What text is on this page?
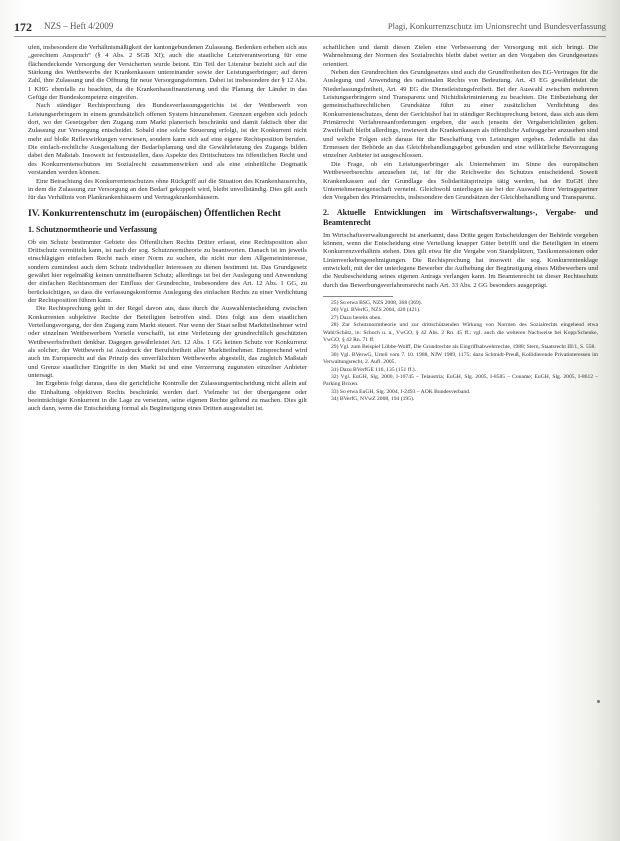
172 NZS – Heft 4/2009	Plagi, Konkurrenzschutz im Unionsrecht und Bundesverfassung

ufen, insbesondere die Verhältnismäßigkeit der kantongebundenen Zulassung. Bedenken erheben sich aus „gerechtem Anspruch“ (§ 4 Abs. 2 SGB XI); auch die staatliche Letztverantwortung für eine flächendeckende Versorgung der Versicherten wurde betont. Ein Teil der Literatur bezieht sich auf die Stärkung des Wettbewerbs der Krankenkassen untereinander sowie der Leistungserbringer; auf deren Zahl, ihre Zulassung und die Öffnung für neue Versorgungsformen. Dabei ist insbesondere der § 12 Abs. 1 KHG ebenfalls zu beachten, da die Krankenhausfinanzierung und die Planung der Länder in das Gefüge der Bundeskompetenz eingreifen.

Nach ständiger Rechtsprechung des Bundesverfassungsgerichts ist der Wettbewerb von Leistungserbringern in einem grundsätzlich offenen System hinzunehmen. Grenzen ergeben sich jedoch dort, wo der Gesetzgeber den Zugang zum Markt planerisch beschränkt und damit faktisch über die Zulassung zur Versorgung entscheidet. Sobald eine solche Steuerung erfolgt, ist der Konkurrent nicht mehr auf bloße Reflexwirkungen verwiesen, sondern kann sich auf eine eigene Rechtsposition berufen. Die einfach-rechtliche Ausgestaltung der Bedarfsplanung und die Gewährleistung des Zugangs bilden dabei den Maßstab. Insoweit ist festzustellen, dass Aspekte des Drittschutzes im öffentlichen Recht und des Konkurrentenschutzes im Sozialrecht zusammenwirken und als eine einheitliche Dogmatik verstanden werden können.

Eine Betrachtung des Konkurrentenschutzes ohne Rückgriff auf die Situation des Krankenhausrechts, in dem die Zulassung zur Versorgung an den Bedarf gekoppelt wird, bleibt unvollständig. Dies gilt auch für das Verhältnis von Plankrankenhäusern und Vertragskrankenhäusern.

IV. Konkurrentenschutz im (europäischen) Öffentlichen Recht
1. Schutznormtheorie und Verfassung

Ob ein Schutz bestimmter Gebiete des Öffentlichen Rechts Dritter erfasst, eine Rechtsposition also Drittschutz vermitteln kann, ist nach der sog. Schutznormtheorie zu beantworten. Danach ist im jeweils einschlägigen einfachen Recht nach einer Norm zu suchen, die nicht nur dem Allgemeininteresse, sondern zumindest auch dem Schutz individueller Interessen zu dienen bestimmt ist. Das Grundgesetz gewährt hier regelmäßig keinen unmittelbaren Schutz; allerdings ist bei der Auslegung und Anwendung der einfachen Rechtsnormen der Einfluss der Grundrechte, insbesondere des Art. 12 Abs. 1 GG, zu berücksichtigen, so dass die verfassungskonforme Auslegung des einfachen Rechts zu einer Verdichtung der Rechtsposition führen kann.

Die Rechtsprechung geht in der Regel davon aus, dass durch die Auswahlentscheidung zwischen Konkurrenten subjektive Rechte der Beteiligten betroffen sind. Dies folgt aus dem staatlichen Verteilungsvorgang, der den Zugang zum Markt steuert. Nur wenn der Staat selbst Marktteilnehmer wird oder einzelnen Wettbewerbern Vorteile verschafft, ist eine Verletzung der grundrechtlich geschützten Wettbewerbsfreiheit denkbar. Dagegen gewährleistet Art. 12 Abs. 1 GG keinen Schutz vor Konkurrenz als solcher; der Wettbewerb ist Ausdruck der Berufsfreiheit aller Marktteilnehmer. Entsprechend wird auch im Europarecht auf das Prinzip des unverfälschten Wettbewerbs abgestellt, das zugleich Maßstab und Grenze staatlicher Eingriffe in den Markt ist und eine Verzerrung zugunsten einzelner Anbieter untersagt.

Im Ergebnis folgt daraus, dass die gerichtliche Kontrolle der Zulassungsentscheidung nicht allein auf die Einhaltung objektiven Rechts beschränkt werden darf. Vielmehr ist der übergangene oder beeinträchtigte Konkurrent in die Lage zu versetzen, seine eigenen Rechte geltend zu machen. Dies gilt auch dann, wenn die Entscheidung formal als Begünstigung eines Dritten ausgestaltet ist.

schaftlichen und damit diesen Zielen eine Verbesserung der Versorgung mit sich bringt. Die Wahrnehmung der Normen des Sozialrechts bleibt dabei weiter an den Vorgaben des Grundgesetzes orientiert.

Neben den Grundrechten des Grundgesetzes sind auch die Grundfreiheiten des EG-Vertrages für die Auslegung und Anwendung des nationalen Rechts von Bedeutung. Art. 43 EG gewährleistet die Niederlassungsfreiheit, Art. 49 EG die Dienstleistungsfreiheit. Bei der Auswahl zwischen mehreren Leistungserbringern sind Transparenz und Nichtdiskriminierung zu beachten. Die Einbeziehung der gemeinschaftsrechtlichen Grundsätze führt zu einer zusätzlichen Verdichtung des Konkurrentenschutzes, denn der Gerichtshof hat in ständiger Rechtsprechung betont, dass sich aus dem Primärrecht Verfahrensanforderungen ergeben, die auch jenseits der Vergaberichtlinien gelten. Zweifelhaft bleibt allerdings, inwieweit die Krankenkassen als öffentliche Auftraggeber anzusehen sind und welche Folgen sich daraus für die Beschaffung von Leistungen ergeben. Jedenfalls ist das Ermessen der Behörde an das Gleichbehandlungsgebot gebunden und eine willkürliche Bevorzugung einzelner Anbieter ist ausgeschlossen.

Die Frage, ob ein Leistungserbringer als Unternehmen im Sinne des europäischen Wettbewerbsrechts anzusehen ist, ist für die Reichweite des Schutzes entscheidend. Soweit Krankenkassen auf der Grundlage des Solidaritätsprinzips tätig werden, hat der EuGH ihre Unternehmenseigenschaft verneint. Gleichwohl unterliegen sie bei der Auswahl ihrer Vertragspartner den Vorgaben des Primärrechts, insbesondere den Grundsätzen der Gleichbehandlung und Transparenz.

2. Aktuelle Entwicklungen im Wirtschaftsverwaltungs-, Vergabe- und Beamtenrecht

Im Wirtschaftsverwaltungsrecht ist anerkannt, dass Dritte gegen Entscheidungen der Behörde vorgehen können, wenn die Entscheidung eine Verteilung knapper Güter betrifft und die Beteiligten in einem Konkurrenzverhältnis stehen. Dies gilt etwa für die Vergabe von Standplätzen, Taxikonzessionen oder Linienverkehrsgenehmigungen. Die Rechtsprechung hat insoweit die sog. Konkurrentenklage entwickelt, mit der der unterlegene Bewerber die Aufhebung der Begünstigung eines Mitbewerbers und die Neubescheidung seines eigenen Antrags verlangen kann. Im Beamtenrecht ist dieser Rechtsschutz durch das Bewerbungsverfahrensrecht nach Art. 33 Abs. 2 GG besonders ausgeprägt.

25) So etwa BSG, NZS 2008, 368 (369).

26) Vgl. BVerfG, NZS 2004, 420 (421).

27) Dazu bereits oben.

28) Zur Schutznormtheorie und zur drittschützenden Wirkung von Normen des Sozialrechts eingehend etwa Wahl/Schütz, in: Schoch u. a., VwGO, § 42 Abs. 2 Rn. 45 ff.; vgl. auch die weiteren Nachweise bei Kopp/Schenke, VwGO, § 42 Rn. 71 ff.

29) Vgl. zum Beispiel Lübbe-Wolff, Die Grundrechte als Eingriffsabwehrrechte, 1988; Stern, Staatsrecht III/1, S. 558.

30) Vgl. BVerwG, Urteil vom 7. 10. 1988, NJW 1989, 1175; dazu Schmidt-Preuß, Kollidierende Privatinteressen im Verwaltungsrecht, 2. Aufl. 2005.

31) Dazu BVerfGE 116, 135 (151 ff.).

32) Vgl. EuGH, Slg. 2000, I-10745 – Telaustria; EuGH, Slg. 2005, I-8585 – Coname; EuGH, Slg. 2005, I-8612 – Parking Brixen.

33) So etwa EuGH, Slg. 2004, I-2493 – AOK Bundesverband.

34) BVerfG, NVwZ 2008, 194 (195).
